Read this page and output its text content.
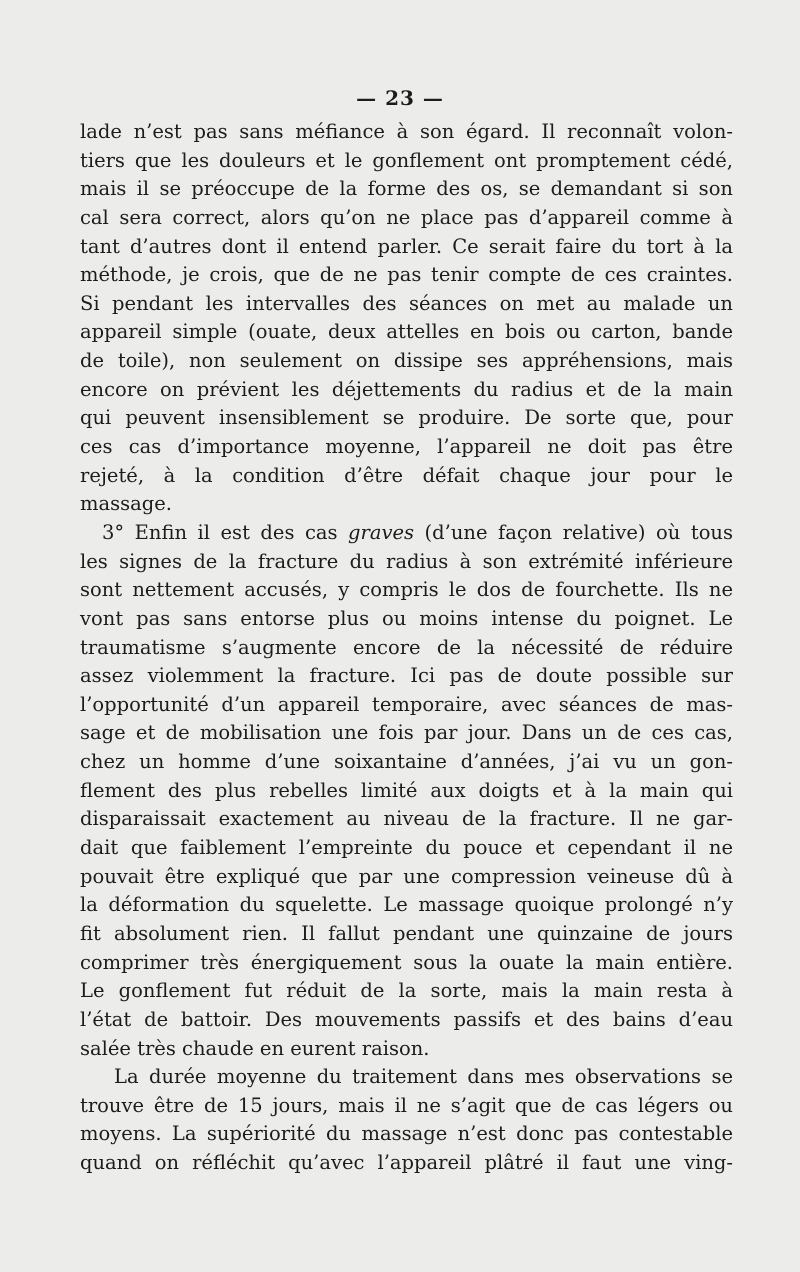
— 23 —
lade n’est pas sans méfiance à son égard. Il reconnaît volon-
tiers que les douleurs et le gonflement ont promptement cédé,
mais il se préoccupe de la forme des os, se demandant si son
cal sera correct, alors qu’on ne place pas d’appareil comme à
tant d’autres dont il entend parler. Ce serait faire du tort à la
méthode, je crois, que de ne pas tenir compte de ces craintes.
Si pendant les intervalles des séances on met au malade un
appareil simple (ouate, deux attelles en bois ou carton, bande
de toile), non seulement on dissipe ses appréhensions, mais
encore on prévient les déjettements du radius et de la main
qui peuvent insensiblement se produire. De sorte que, pour
ces cas d’importance moyenne, l’appareil ne doit pas être
rejeté, à la condition d’être défait chaque jour pour le
massage.
3° Enfin il est des cas graves (d’une façon relative) où tous
les signes de la fracture du radius à son extrémité inférieure
sont nettement accusés, y compris le dos de fourchette. Ils ne
vont pas sans entorse plus ou moins intense du poignet. Le
traumatisme s’augmente encore de la nécessité de réduire
assez violemment la fracture. Ici pas de doute possible sur
l’opportunité d’un appareil temporaire, avec séances de mas-
sage et de mobilisation une fois par jour. Dans un de ces cas,
chez un homme d’une soixantaine d’années, j’ai vu un gon-
flement des plus rebelles limité aux doigts et à la main qui
disparaissait exactement au niveau de la fracture. Il ne gar-
dait que faiblement l’empreinte du pouce et cependant il ne
pouvait être expliqué que par une compression veineuse dû à
la déformation du squelette. Le massage quoique prolongé n’y
fit absolument rien. Il fallut pendant une quinzaine de jours
comprimer très énergiquement sous la ouate la main entière.
Le gonflement fut réduit de la sorte, mais la main resta à
l’état de battoir. Des mouvements passifs et des bains d’eau
salée très chaude en eurent raison.
La durée moyenne du traitement dans mes observations se
trouve être de 15 jours, mais il ne s’agit que de cas légers ou
moyens. La supériorité du massage n’est donc pas contestable
quand on réfléchit qu’avec l’appareil plâtré il faut une ving-
